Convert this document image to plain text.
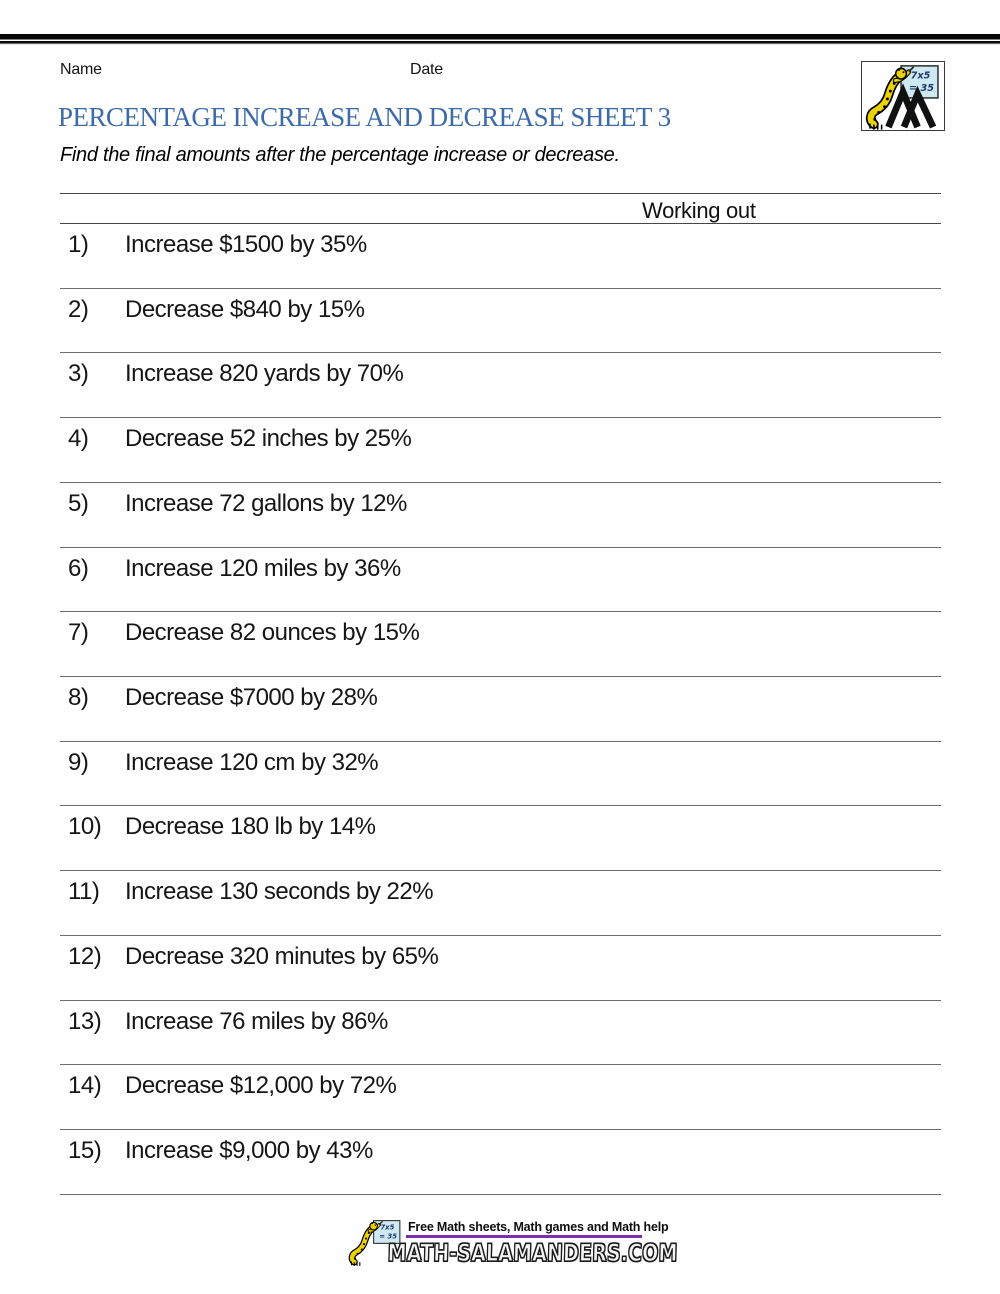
Name	Date	7x5
= 35
PERCENTAGE INCREASE AND DECREASE SHEET 3
Find the final amounts after the percentage increase or decrease.
Working out
1) Increase $1500 by 35%
2) Decrease $840 by 15%
3) Increase 820 yards by 70%
4) Decrease 52 inches by 25%
5) Increase 72 gallons by 12%
6) Increase 120 miles by 36%
7) Decrease 82 ounces by 15%
8) Decrease $7000 by 28%
9) Increase 120 cm by 32%
10) Decrease 180 lb by 14%
11) Increase 130 seconds by 22%
12) Decrease 320 minutes by 65%
13) Increase 76 miles by 86%
14) Decrease $12,000 by 72%
15) Increase $9,000 by 43%
7x5
= 35
Free Math sheets, Math games and Math help
MATH-SALAMANDERS.COM
